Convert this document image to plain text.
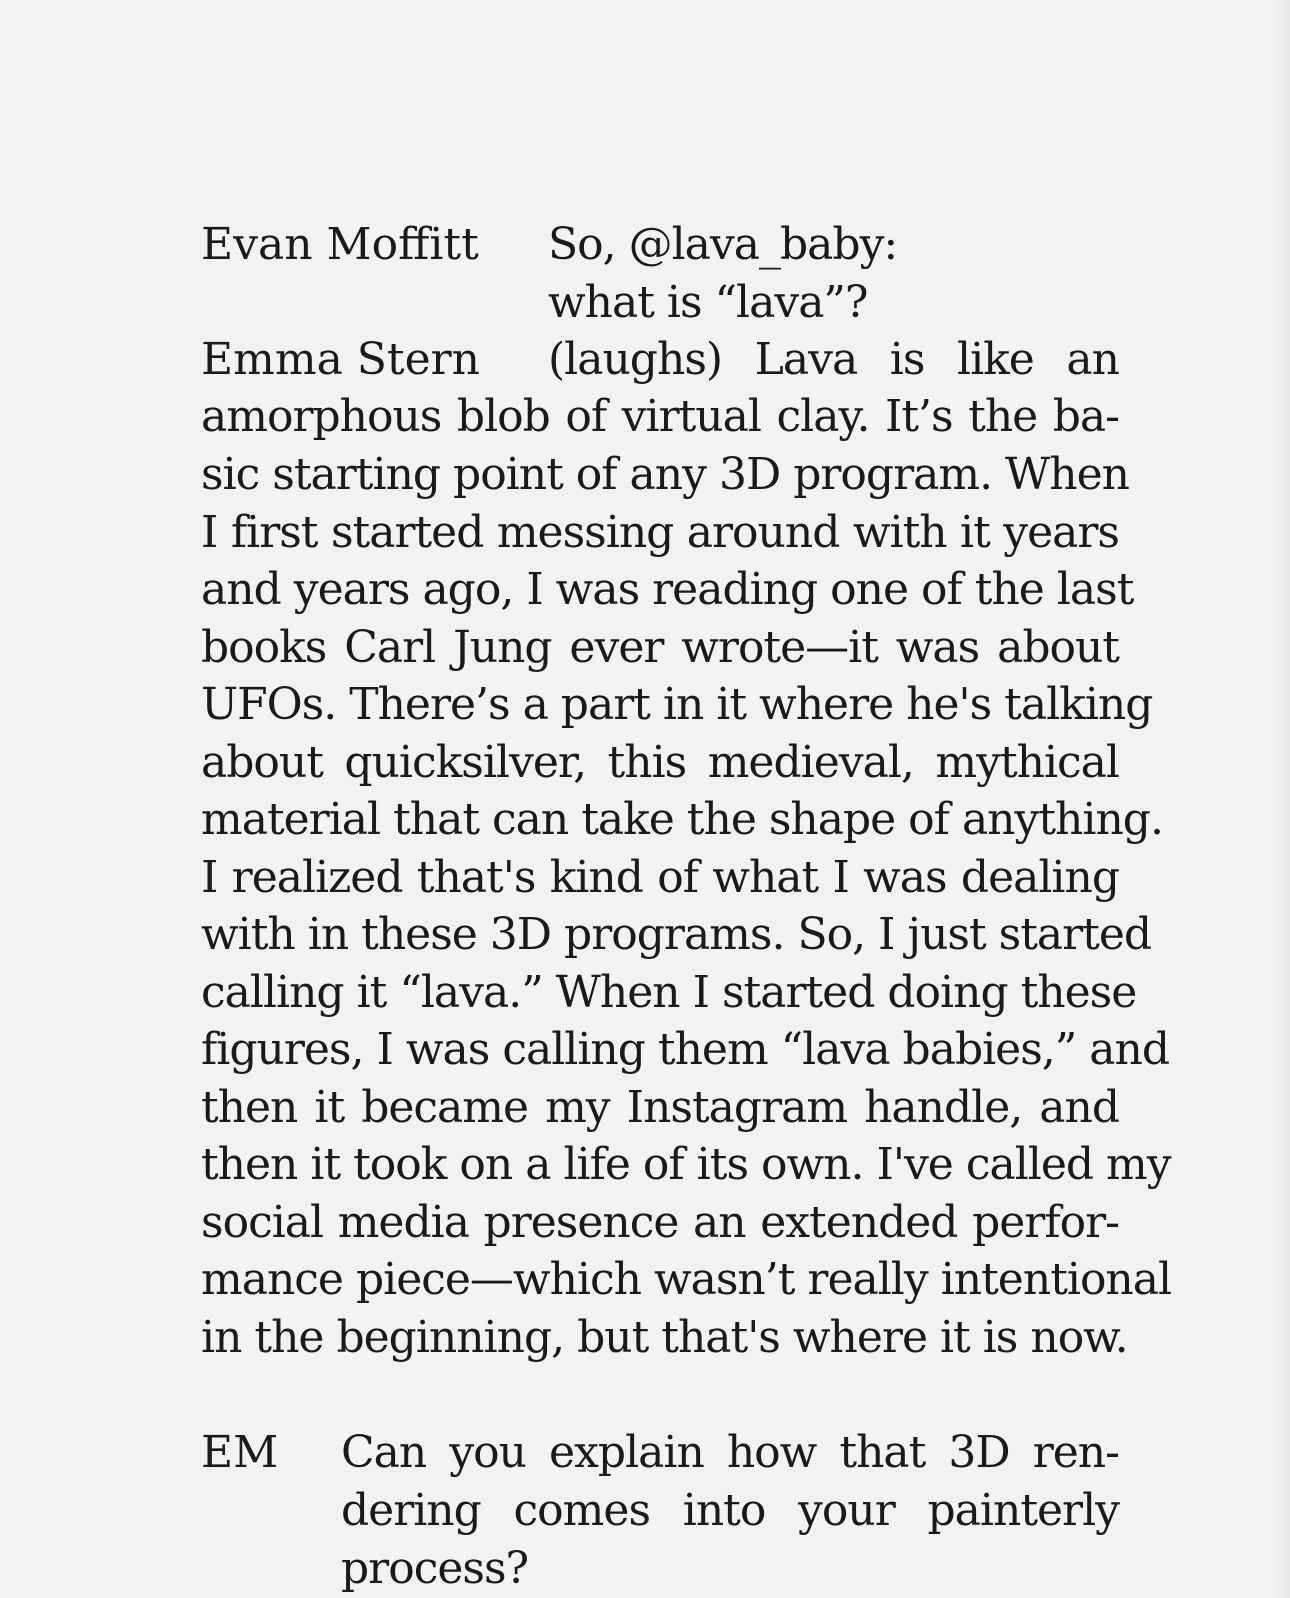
Evan Moffitt So, @lava_baby:

what is “lava”?

Emma Stern (laughs) Lava is like an

amorphous blob of virtual clay. It’s the ba-

sic starting point of any 3D program. When

I first started messing around with it years

and years ago, I was reading one of the last

books Carl Jung ever wrote—it was about

UFOs. There’s a part in it where he's talking

about quicksilver, this medieval, mythical

material that can take the shape of anything.

I realized that's kind of what I was dealing

with in these 3D programs. So, I just started

calling it “lava.” When I started doing these

figures, I was calling them “lava babies,” and

then it became my Instagram handle, and

then it took on a life of its own. I've called my

social media presence an extended perfor-

mance piece—which wasn’t really intentional

in the beginning, but that's where it is now.

EM Can you explain how that 3D ren-

dering comes into your painterly

process?
